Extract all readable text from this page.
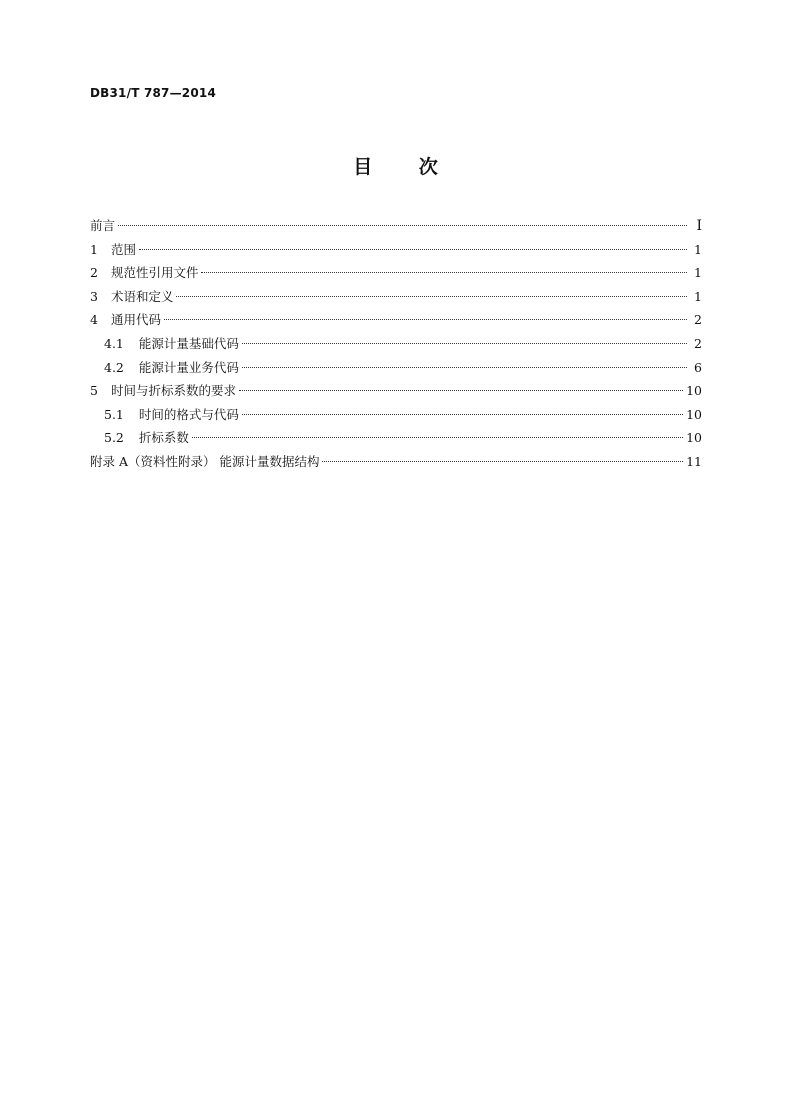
DB31/T 787—2014
目 次
前言	I
1 范围	1
2 规范性引用文件	1
3 术语和定义	1
4 通用代码	2
4.1 能源计量基础代码	2
4.2 能源计量业务代码	6
5 时间与折标系数的要求	10
5.1 时间的格式与代码	10
5.2 折标系数	10
附录 A（资料性附录） 能源计量数据结构	11
